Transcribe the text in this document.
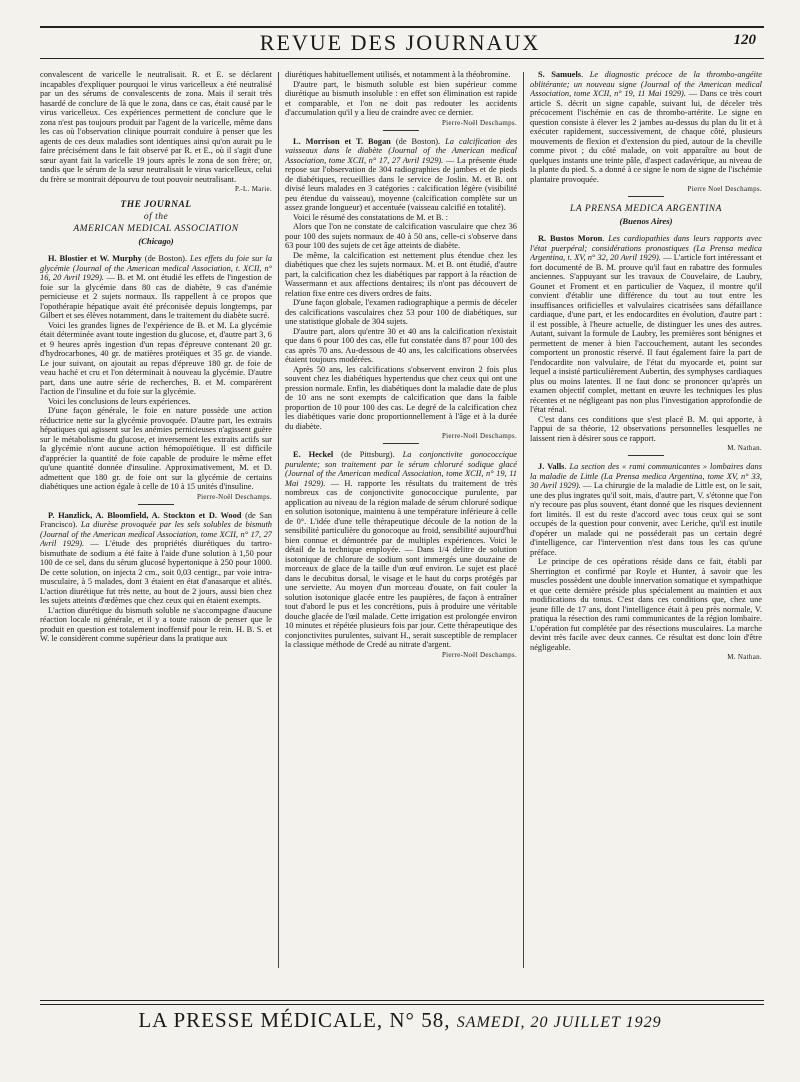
REVUE DES JOURNAUX	120

convalescent de varicelle le neutralisait. R. et E. se déclarent incapables d'expliquer pourquoi le virus varicelleux a été neutralisé par un des sérums de convalescents de zona. Mais il serait très hasardé de conclure de là que le zona, dans ce cas, était causé par le virus varicelleux. Ces expériences permettent de conclure que le zona n'est pas toujours produit par l'agent de la varicelle, même dans les cas où l'observation clinique pourrait conduire à penser que les agents de ces deux maladies sont identiques ainsi qu'on aurait pu le faire précisément dans le fait observé par R. et E., où il s'agit d'une sœur ayant fait la varicelle 19 jours après le zona de son frère; or, tandis que le sérum de la sœur neutralisait le virus varicelleux, celui du frère se montrait dépourvu de tout pouvoir neutralisant.

P.-L. Marie.
THE JOURNAL
of the
AMERICAN MEDICAL ASSOCIATION
(Chicago)

H. Blostier et W. Murphy (de Boston). Les effets du foie sur la glycémie (Journal of the American medical Association, t. XCII, n° 16, 20 Avril 1929). — B. et M. ont étudié les effets de l'ingestion de foie sur la glycémie dans 80 cas de diabète, 9 cas d'anémie pernicieuse et 2 sujets normaux. Ils rappellent à ce propos que l'opothérapie hépatique avait été préconisée depuis longtemps, par Gilbert et ses élèves notamment, dans le traitement du diabète sucré.

Voici les grandes lignes de l'expérience de B. et M. La glycémie était déterminée avant toute ingestion du glucose, et, d'autre part 3, 6 et 9 heures après ingestion d'un repas d'épreuve contenant 20 gr. d'hydrocarbones, 40 gr. de matières protéiques et 35 gr. de viande. Le jour suivant, on ajoutait au repas d'épreuve 180 gr. de foie de veau haché et cru et l'on déterminait à nouveau la glycémie. D'autre part, dans une autre série de recherches, B. et M. comparèrent l'action de l'insuline et du foie sur la glycémie.

Voici les conclusions de leurs expériences.

D'une façon générale, le foie en nature possède une action réductrice nette sur la glycémie provoquée. D'autre part, les extraits hépatiques qui agissent sur les anémies pernicieuses n'agissent guère sur le métabolisme du glucose, et inversement les extraits actifs sur la glycémie n'ont aucune action hémopoïétique. Il est difficile d'apprécier la quantité de foie capable de produire le même effet qu'une quantité donnée d'insuline. Approximativement, M. et D. admettent que 180 gr. de foie ont sur la glycémie de certains diabétiques une action égale à celle de 10 à 15 unités d'insuline.

Pierre-Noël Deschamps.

P. Hanzlick, A. Bloomfield, A. Stockton et D. Wood (de San Francisco). La diurèse provoquée par les sels solubles de bismuth (Journal of the American medical Association, tome XCII, n° 17, 27 Avril 1929). — L'étude des propriétés diurétiques du tartro-bismuthate de sodium a été faite à l'aide d'une solution à 1,50 pour 100 de ce sel, dans du sérum glucosé hypertonique à 250 pour 1000. De cette solution, on injecta 2 cm., soit 0,03 centigr., par voie intra-musculaire, à 5 malades, dont 3 étaient en état d'anasarque et alités. L'action diurétique fut très nette, au bout de 2 jours, aussi bien chez les sujets atteints d'œdèmes que chez ceux qui en étaient exempts.

L'action diurétique du bismuth soluble ne s'accompagne d'aucune réaction locale ni générale, et il y a toute raison de penser que le produit en question est totalement inoffensif pour le rein. H. B. S. et W. le considèrent comme supérieur dans la pratique aux

diurétiques habituellement utilisés, et notamment à la théobromine.

D'autre part, le bismuth soluble est bien supérieur comme diurétique au bismuth insoluble : en effet son élimination est rapide et comparable, et l'on ne doit pas redouter les accidents d'accumulation qu'il y a lieu de craindre avec ce dernier.

Pierre-Noël Deschamps.

L. Morrison et T. Bogan (de Boston). La calcification des vaisseaux dans le diabète (Journal of the American medical Association, tome XCII, n° 17, 27 Avril 1929). — La présente étude repose sur l'observation de 304 radiographies de jambes et de pieds de diabétiques, recueillies dans le service de Joslin. M. et B. ont divisé leurs malades en 3 catégories : calcification légère (visibilité peu étendue du vaisseau), moyenne (calcification complète sur un assez grande longueur) et accentuée (vaisseau calcifié en totalité).

Voici le résumé des constatations de M. et B. :

Alors que l'on ne constate de calcification vasculaire que chez 36 pour 100 des sujets normaux de 40 à 50 ans, celle-ci s'observe dans 63 pour 100 des sujets de cet âge atteints de diabète.

De même, la calcification est nettement plus étendue chez les diabétiques que chez les sujets normaux. M. et B. ont étudié, d'autre part, la calcification chez les diabétiques par rapport à la réaction de Wassermann et aux affections dentaires; ils n'ont pas découvert de relation fixe entre ces divers ordres de faits.

D'une façon globale, l'examen radiographique a permis de déceler des calcifications vasculaires chez 53 pour 100 de diabétiques, sur une statistique globale de 304 sujets.

D'autre part, alors qu'entre 30 et 40 ans la calcification n'existait que dans 6 pour 100 des cas, elle fut constatée dans 87 pour 100 des cas après 70 ans. Au-dessous de 40 ans, les calcifications observées étaient toujours modérées.

Après 50 ans, les calcifications s'observent environ 2 fois plus souvent chez les diabétiques hypertendus que chez ceux qui ont une pression normale. Enfin, les diabétiques dont la maladie date de plus de 10 ans ne sont exempts de calcification que dans la faible proportion de 10 pour 100 des cas. Le degré de la calcification chez les diabétiques varie donc proportionnellement à l'âge et à la durée du diabète.

Pierre-Noël Deschamps.

E. Heckel (de Pittsburg). La conjonctivite gonococcique purulente; son traitement par le sérum chloruré sodique glacé (Journal of the American medical Association, tome XCII, n° 19, 11 Mai 1929). — H. rapporte les résultats du traitement de très nombreux cas de conjonctivite gonococcique purulente, par application au niveau de la région malade de sérum chloruré sodique en solution isotonique, maintenu à une température inférieure à celle de 0°. L'idée d'une telle thérapeutique découle de la notion de la sensibilité particulière du gonocoque au froid, sensibilité aujourd'hui bien connue et démontrée par de multiples expériences. Voici le détail de la technique employée. — Dans 1/4 delitre de solution isotonique de chlorure de sodium sont immergés une douzaine de morceaux de glace de la taille d'un œuf environ. Le sujet est placé dans le decubitus dorsal, le visage et le haut du corps protégés par une serviette. Au moyen d'un morceau d'ouate, on fait couler la solution isotonique glacée entre les paupières, de façon à entraîner tout d'abord le pus et les concrétions, puis à produire une véritable douche glacée de l'œil malade. Cette irrigation est prolongée environ 10 minutes et répétée plusieurs fois par jour. Cette thérapeutique des conjonctivites purulentes, suivant H., serait susceptible de remplacer la classique méthode de Credé au nitrate d'argent.

Pierre-Noël Deschamps.

S. Samuels. Le diagnostic précoce de la thrombo-angéite oblitérante; un nouveau signe (Journal of the American medical Association, tome XCII, n° 19, 11 Mai 1929). — Dans ce très court article S. décrit un signe capable, suivant lui, de déceler très précocement l'ischémie en cas de thrombo-artérite. Le signe en question consiste à élever les 2 jambes au-dessus du plan du lit et à exécuter rapidement, successivement, de chaque côté, plusieurs mouvements de flexion et d'extension du pied, autour de la cheville comme pivot ; du côté malade, on voit apparaître au bout de quelques instants une teinte pâle, d'aspect cadavérique, au niveau de la plante du pied. S. a donné à ce signe le nom de signe de l'ischémie plantaire provoquée.

Pierre Noel Deschamps.
LA PRENSA MEDICA ARGENTINA
(Buenos Aires)

R. Bustos Moron. Les cardiopathies dans leurs rapports avec l'état puerpéral; considérations pronostiques (La Prensa medica Argentina, t. XV, n° 32, 20 Avril 1929). — L'article fort intéressant et fort documenté de B. M. prouve qu'il faut en rabattre des formules anciennes. S'appuyant sur les travaux de Couvelaire, de Laubry, Gounet et Froment et en particulier de Vaquez, il montre qu'il convient d'établir une différence du tout au tout entre les insuffisances orificielles et valvulaires cicatrisées sans défaillance cardiaque, d'une part, et les endocardites en évolution, d'autre part : il est possible, à l'heure actuelle, de distinguer les unes des autres. Autant, suivant la formule de Laubry, les premières sont bénignes et permettent de mener à bien l'accouchement, autant les secondes comportent un pronostic réservé. Il faut également faire la part de l'endocardite non valvulaire, de l'état du myocarde et, point sur lequel a insisté particulièrement Aubertin, des symphyses cardiaques plus ou moins latentes. Il ne faut donc se prononcer qu'après un examen objectif complet, mettant en œuvre les techniques les plus récentes et ne négligeant pas non plus l'investigation approfondie de l'état rénal.

C'est dans ces conditions que s'est placé B. M. qui apporte, à l'appui de sa théorie, 12 observations personnelles lesquelles ne laissent rien à désirer sous ce rapport.

M. Nathan.

J. Valls. La section des « rami communicantes » lombaires dans la maladie de Little (La Prensa medica Argentina, tome XV, n° 33, 30 Avril 1929). — La chirurgie de la maladie de Little est, on le sait, une des plus ingrates qu'il soit, mais, d'autre part, V. s'étonne que l'on n'y recoure pas plus souvent, étant donné que les risques deviennent fort limités. Il est du reste d'accord avec tous ceux qui se sont occupés de la question pour convenir, avec Leriche, qu'il est inutile d'opérer un malade qui ne posséderait pas un certain degré d'intelligence, car l'intervention n'est dans tous les cas qu'une préface.

Le principe de ces opérations réside dans ce fait, établi par Sherrington et confirmé par Royle et Hunter, à savoir que les muscles possèdent une double innervation somatique et sympathique et que cette dernière préside plus spécialement au maintien et aux modifications du tonus. C'est dans ces conditions que, chez une jeune fille de 17 ans, dont l'intelligence était à peu près normale, V. pratiqua la résection des rami communicantes de la région lombaire. L'opération fut complétée par des résections musculaires. La marche devint très facile avec deux cannes. Ce résultat est donc loin d'être négligeable.

M. Nathan.
LA PRESSE MÉDICALE, N° 58, SAMEDI, 20 JUILLET 1929
